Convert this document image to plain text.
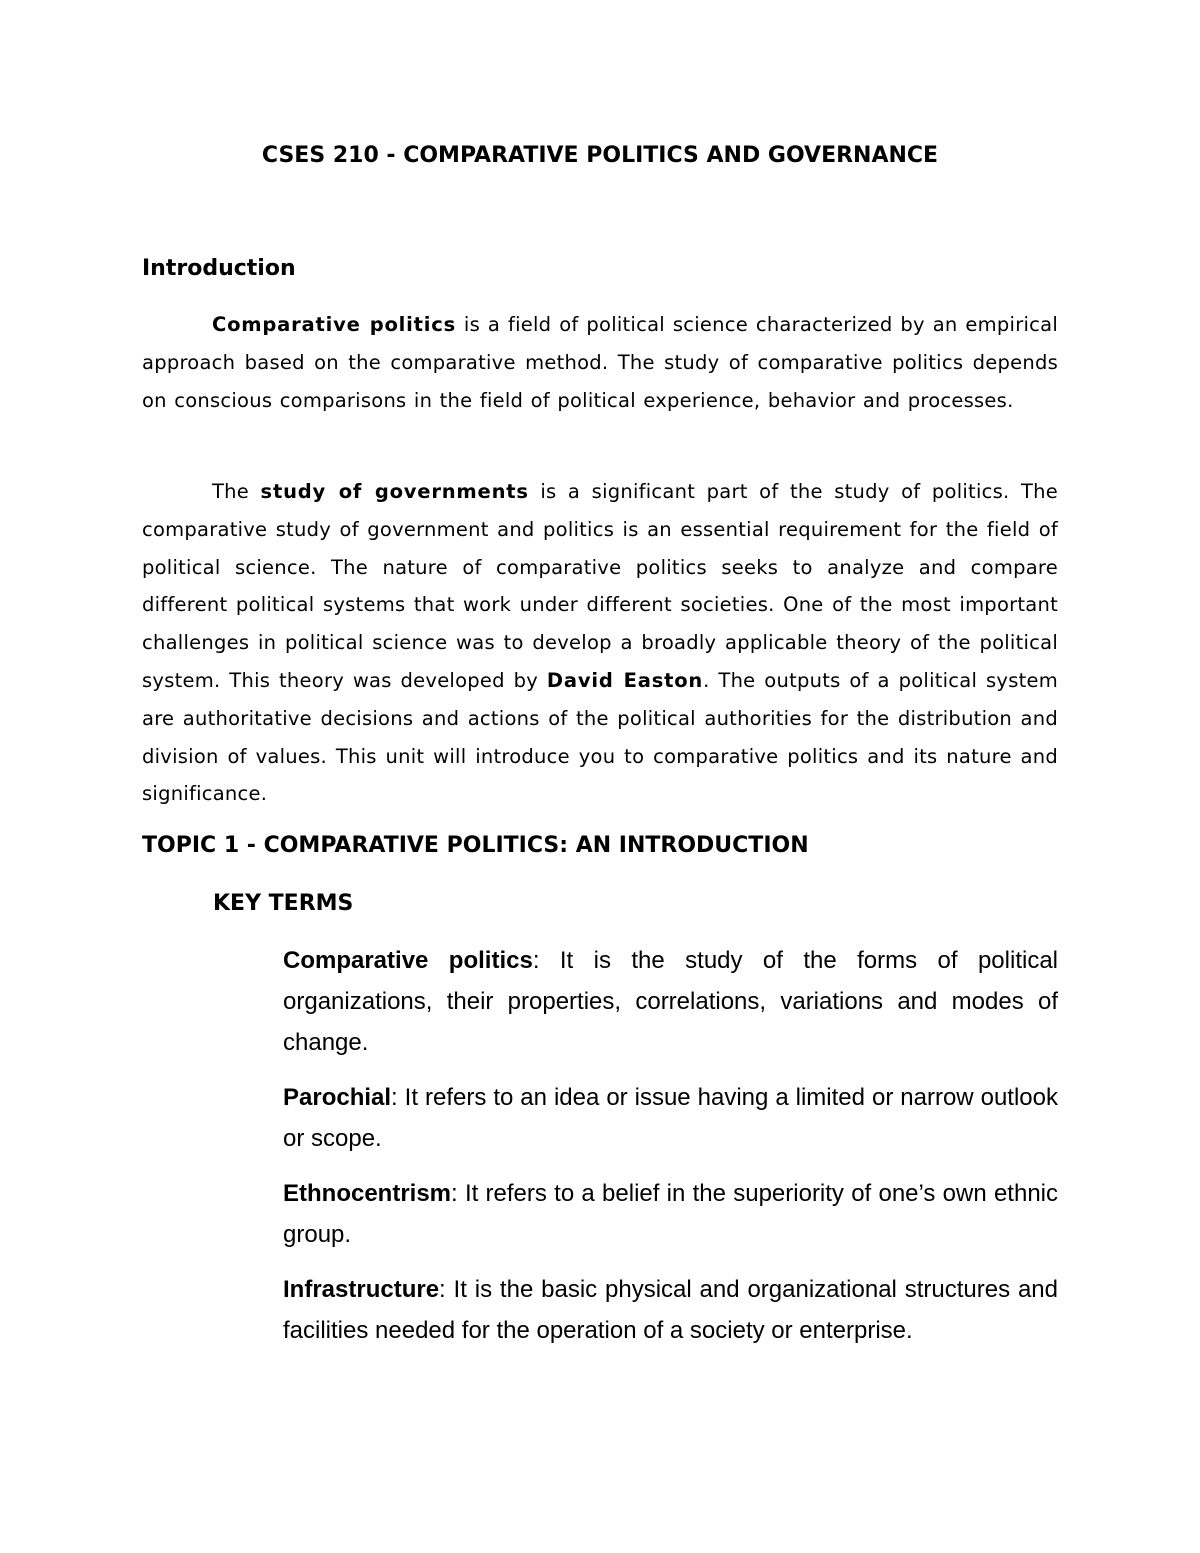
CSES 210 - COMPARATIVE POLITICS AND GOVERNANCE
Introduction

Comparative politics is a field of political science characterized by an empirical approach based on the comparative method. The study of comparative politics depends on conscious comparisons in the field of political experience, behavior and processes.

The study of governments is a significant part of the study of politics. The comparative study of government and politics is an essential requirement for the field of political science. The nature of comparative politics seeks to analyze and compare different political systems that work under different societies. One of the most important challenges in political science was to develop a broadly applicable theory of the political system. This theory was developed by David Easton. The outputs of a political system are authoritative decisions and actions of the political authorities for the distribution and division of values. This unit will introduce you to comparative politics and its nature and significance.

TOPIC 1 - COMPARATIVE POLITICS: AN INTRODUCTION
KEY TERMS
Comparative politics: It is the study of the forms of political organizations, their properties, correlations, variations and modes of change.
Parochial: It refers to an idea or issue having a limited or narrow outlook or scope.
Ethnocentrism: It refers to a belief in the superiority of one’s own ethnic group.
Infrastructure: It is the basic physical and organizational structures and facilities needed for the operation of a society or enterprise.
